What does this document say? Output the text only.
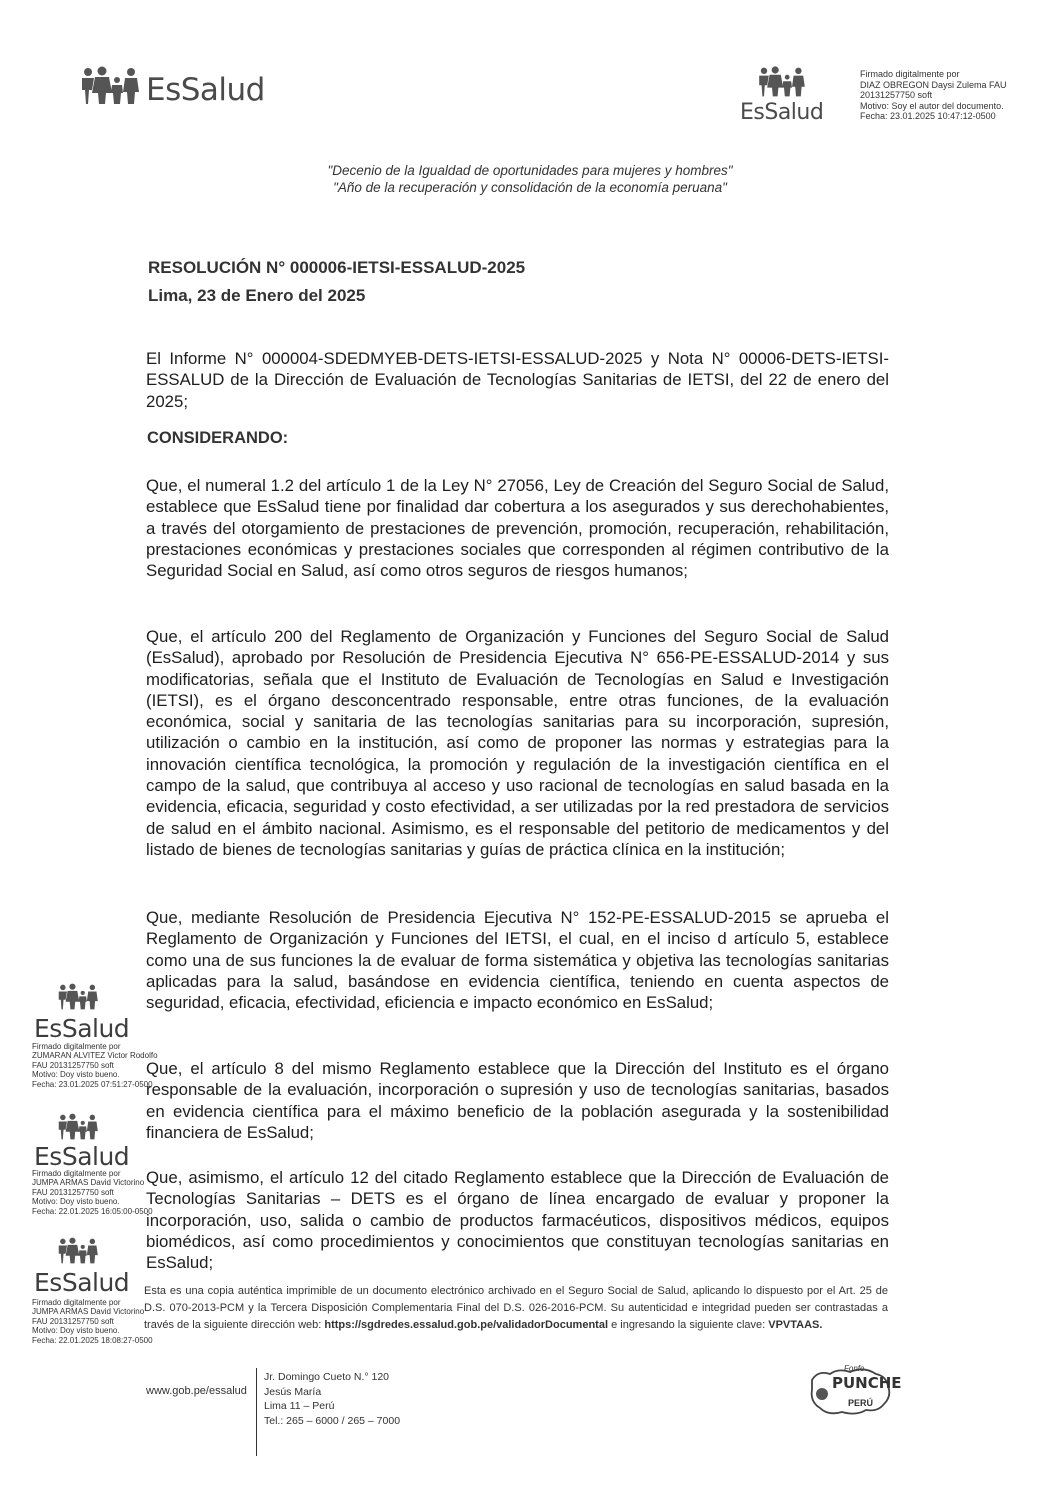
EsSalud
EsSalud
Firmado digitalmente por
DIAZ OBREGON Daysi Zulema FAU
20131257750 soft
Motivo: Soy el autor del documento.
Fecha: 23.01.2025 10:47:12-0500
"Decenio de la Igualdad de oportunidades para mujeres y hombres"
"Año de la recuperación y consolidación de la economía peruana"
RESOLUCIÓN N° 000006-IETSI-ESSALUD-2025
Lima, 23 de Enero del 2025
El Informe N° 000004-SDEDMYEB-DETS-IETSI-ESSALUD-2025 y Nota N° 00006-DETS-IETSI-ESSALUD de la Dirección de Evaluación de Tecnologías Sanitarias de IETSI, del 22 de enero del 2025;
CONSIDERANDO:
Que, el numeral 1.2 del artículo 1 de la Ley N° 27056, Ley de Creación del Seguro Social de Salud, establece que EsSalud tiene por finalidad dar cobertura a los asegurados y sus derechohabientes, a través del otorgamiento de prestaciones de prevención, promoción, recuperación, rehabilitación, prestaciones económicas y prestaciones sociales que corresponden al régimen contributivo de la Seguridad Social en Salud, así como otros seguros de riesgos humanos;
Que, el artículo 200 del Reglamento de Organización y Funciones del Seguro Social de Salud (EsSalud), aprobado por Resolución de Presidencia Ejecutiva N° 656-PE-ESSALUD-2014 y sus modificatorias, señala que el Instituto de Evaluación de Tecnologías en Salud e Investigación (IETSI), es el órgano desconcentrado responsable, entre otras funciones, de la evaluación económica, social y sanitaria de las tecnologías sanitarias para su incorporación, supresión, utilización o cambio en la institución, así como de proponer las normas y estrategias para la innovación científica tecnológica, la promoción y regulación de la investigación científica en el campo de la salud, que contribuya al acceso y uso racional de tecnologías en salud basada en la evidencia, eficacia, seguridad y costo efectividad, a ser utilizadas por la red prestadora de servicios de salud en el ámbito nacional. Asimismo, es el responsable del petitorio de medicamentos y del listado de bienes de tecnologías sanitarias y guías de práctica clínica en la institución;
Que, mediante Resolución de Presidencia Ejecutiva N° 152-PE-ESSALUD-2015 se aprueba el Reglamento de Organización y Funciones del IETSI, el cual, en el inciso d artículo 5, establece como una de sus funciones la de evaluar de forma sistemática y objetiva las tecnologías sanitarias aplicadas para la salud, basándose en evidencia científica, teniendo en cuenta aspectos de seguridad, eficacia, efectividad, eficiencia e impacto económico en EsSalud;
Que, el artículo 8 del mismo Reglamento establece que la Dirección del Instituto es el órgano responsable de la evaluación, incorporación o supresión y uso de tecnologías sanitarias, basados en evidencia científica para el máximo beneficio de la población asegurada y la sostenibilidad financiera de EsSalud;
Que, asimismo, el artículo 12 del citado Reglamento establece que la Dirección de Evaluación de Tecnologías Sanitarias – DETS es el órgano de línea encargado de evaluar y proponer la incorporación, uso, salida o cambio de productos farmacéuticos, dispositivos médicos, equipos biomédicos, así como procedimientos y conocimientos que constituyan tecnologías sanitarias en EsSalud;
EsSalud
Firmado digitalmente por
ZUMARAN ALVITEZ Victor Rodolfo
FAU 20131257750 soft
Motivo: Doy visto bueno.
Fecha: 23.01.2025 07:51:27-0500
EsSalud
Firmado digitalmente por
JUMPA ARMAS David Victorino
FAU 20131257750 soft
Motivo: Doy visto bueno.
Fecha: 22.01.2025 16:05:00-0500
EsSalud
Firmado digitalmente por
JUMPA ARMAS David Victorino
FAU 20131257750 soft
Motivo: Doy visto bueno.
Fecha: 22.01.2025 18:08:27-0500
Esta es una copia auténtica imprimible de un documento electrónico archivado en el Seguro Social de Salud, aplicando lo dispuesto por el Art. 25 de D.S. 070-2013-PCM y la Tercera Disposición Complementaria Final del D.S. 026-2016-PCM. Su autenticidad e integridad pueden ser contrastadas a través de la siguiente dirección web: https://sgdredes.essalud.gob.pe/validadorDocumental e ingresando la siguiente clave: VPVTAAS.
www.gob.pe/essalud
Jr. Domingo Cueto N.° 120
Jesús María
Lima 11 – Perú
Tel.: 265 – 6000 / 265 – 7000
Fonfe
PUNCHE
PERÚ
